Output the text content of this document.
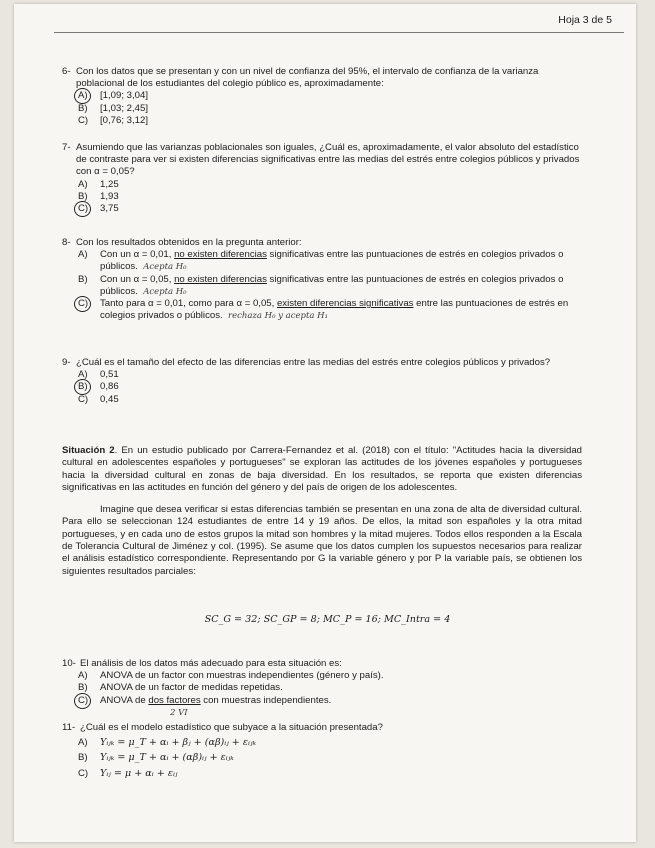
Hoja 3 de 5
6- Con los datos que se presentan y con un nivel de confianza del 95%, el intervalo de confianza de la varianza poblacional de los estudiantes del colegio público es, aproximadamente:
A)	[1,09; 3,04]
B)	[1,03; 2,45]
C)	[0,76; 3,12]
7- Asumiendo que las varianzas poblacionales son iguales, ¿Cuál es, aproximadamente, el valor absoluto del estadístico de contraste para ver si existen diferencias significativas entre las medias del estrés entre colegios públicos y privados con α = 0,05?
A)	1,25
B)	1,93
C)	3,75
8- Con los resultados obtenidos en la pregunta anterior:
A)	Con un α = 0,01, no existen diferencias significativas entre las puntuaciones de estrés en colegios privados o públicos. Acepta H₀
B)	Con un α = 0,05, no existen diferencias significativas entre las puntuaciones de estrés en colegios privados o públicos. Acepta H₀
C)	Tanto para α = 0,01, como para α = 0,05, existen diferencias significativas entre las puntuaciones de estrés en colegios privados o públicos. rechaza H₀ y acepta H₁
9- ¿Cuál es el tamaño del efecto de las diferencias entre las medias del estrés entre colegios públicos y privados?
A)	0,51
B)	0,86
C)	0,45
Situación 2. En un estudio publicado por Carrera-Fernandez et al. (2018) con el título: "Actitudes hacia la diversidad cultural en adolescentes españoles y portugueses" se exploran las actitudes de los jóvenes españoles y portugueses hacia la diversidad cultural en zonas de baja diversidad. En los resultados, se reporta que existen diferencias significativas en las actitudes en función del género y del país de origen de los adolescentes.
Imagine que desea verificar si estas diferencias también se presentan en una zona de alta de diversidad cultural. Para ello se seleccionan 124 estudiantes de entre 14 y 19 años. De ellos, la mitad son españoles y la otra mitad portugueses, y en cada uno de estos grupos la mitad son hombres y la mitad mujeres. Todos ellos responden a la Escala de Tolerancia Cultural de Jiménez y col. (1995). Se asume que los datos cumplen los supuestos necesarios para realizar el análisis estadístico correspondiente. Representando por G la variable género y por P la variable país, se obtienen los siguientes resultados parciales:
SC_G = 32; SC_GP = 8; MC_P = 16; MC_Intra = 4
10- El análisis de los datos más adecuado para esta situación es:
A)	ANOVA de un factor con muestras independientes (género y país).
B)	ANOVA de un factor de medidas repetidas.
C)	ANOVA de dos factores con muestras independientes.
2 VI
11- ¿Cuál es el modelo estadístico que subyace a la situación presentada?
A)	Yᵢⱼₖ = μ_T + αᵢ + βⱼ + (αβ)ᵢⱼ + εᵢⱼₖ
B)	Yᵢⱼₖ = μ_T + αᵢ + (αβ)ᵢⱼ + εᵢⱼₖ
C)	Yᵢⱼ = μ + αᵢ + εᵢⱼ
